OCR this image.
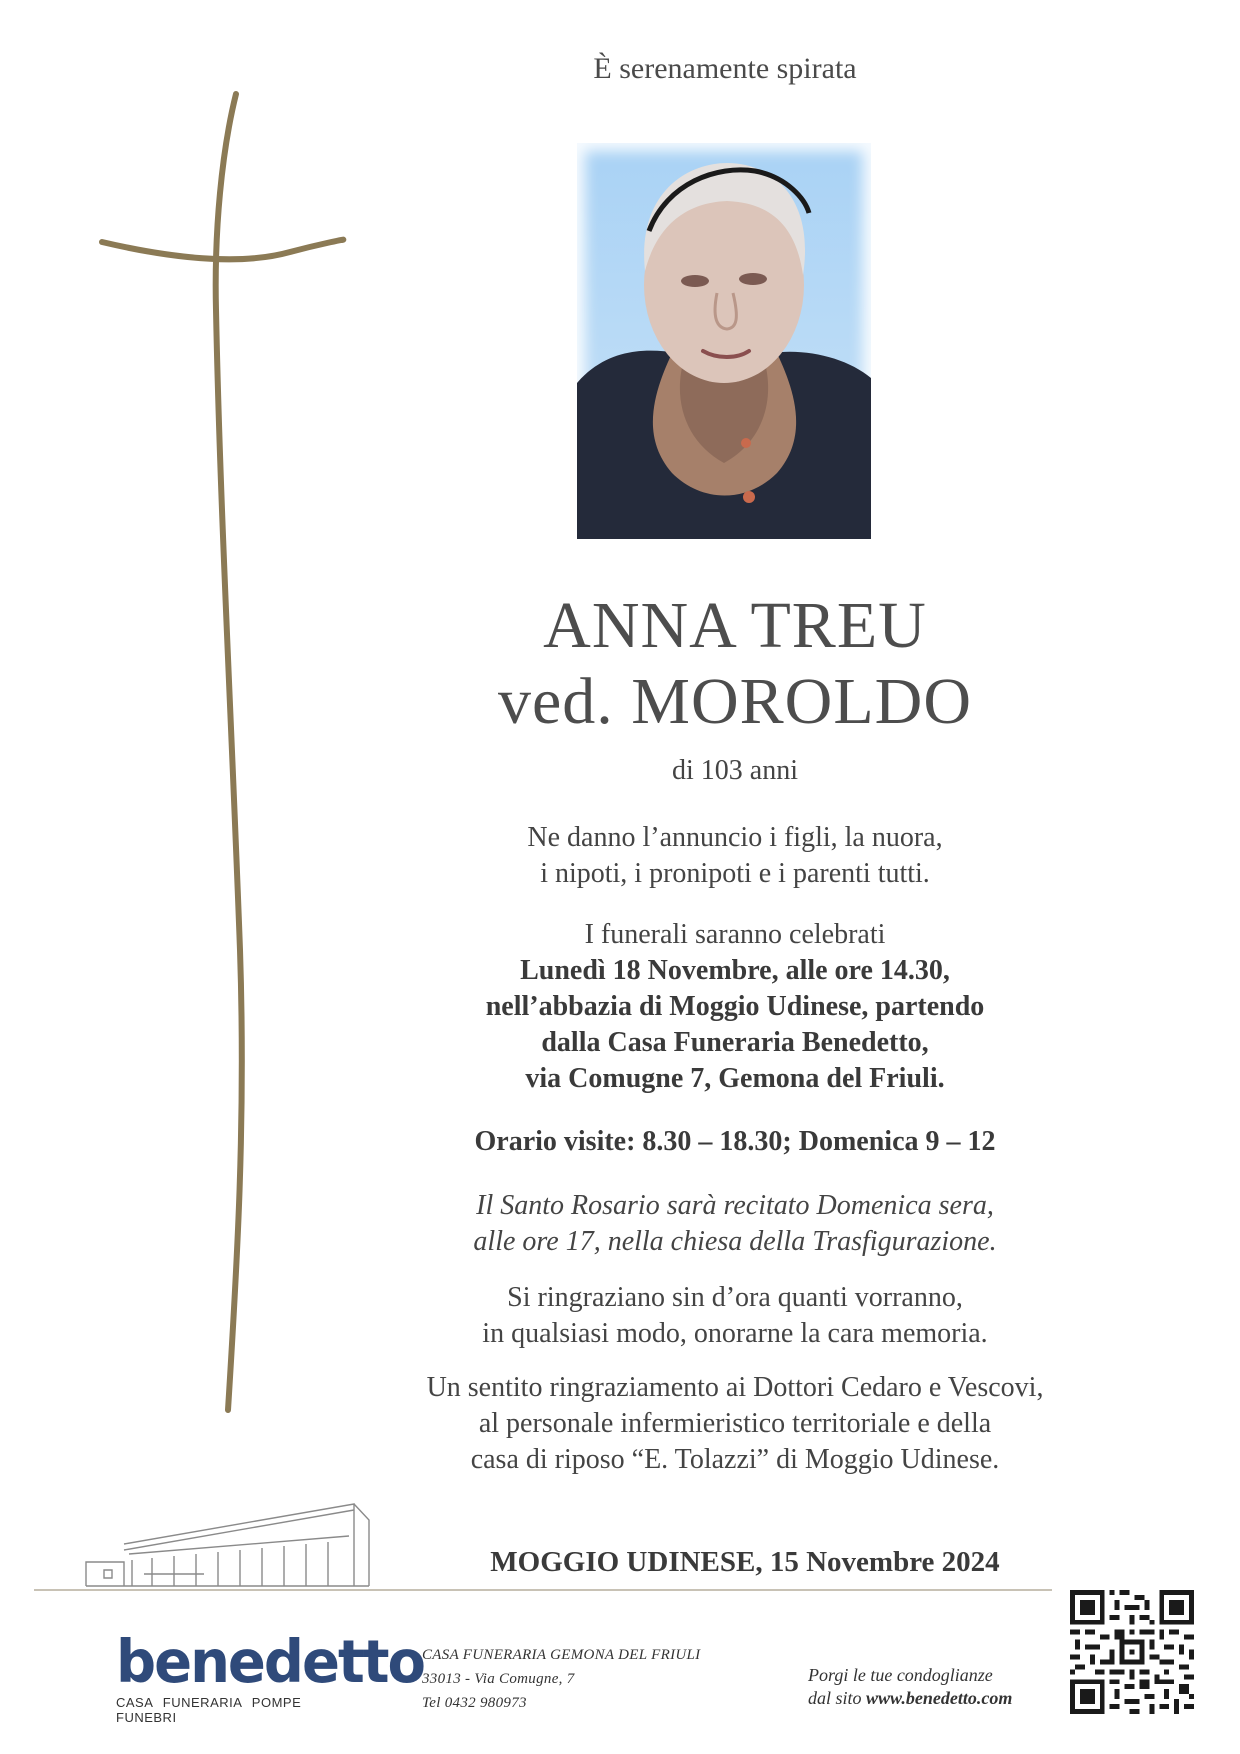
È serenamente spirata
ANNA TREU
ved. MOROLDO
di 103 anni
Ne danno l’annuncio i figli, la nuora,
i nipoti, i pronipoti e i parenti tutti.
I funerali saranno celebrati
Lunedì 18 Novembre, alle ore 14.30,
nell’abbazia di Moggio Udinese, partendo
dalla Casa Funeraria Benedetto,
via Comugne 7, Gemona del Friuli.
Orario visite: 8.30 – 18.30; Domenica 9 – 12
Il Santo Rosario sarà recitato Domenica sera,
alle ore 17, nella chiesa della Trasfigurazione.
Si ringraziano sin d’ora quanti vorranno,
in qualsiasi modo, onorarne la cara memoria.
Un sentito ringraziamento ai Dottori Cedaro e Vescovi,
al personale infermieristico territoriale e della
casa di riposo “E. Tolazzi” di Moggio Udinese.
MOGGIO UDINESE, 15 Novembre 2024
benedetto
CASA FUNERARIA POMPE FUNEBRI
CASA FUNERARIA GEMONA DEL FRIULI
33013 - Via Comugne, 7
Tel 0432 980973
Porgi le tue condoglianze
dal sito www.benedetto.com
